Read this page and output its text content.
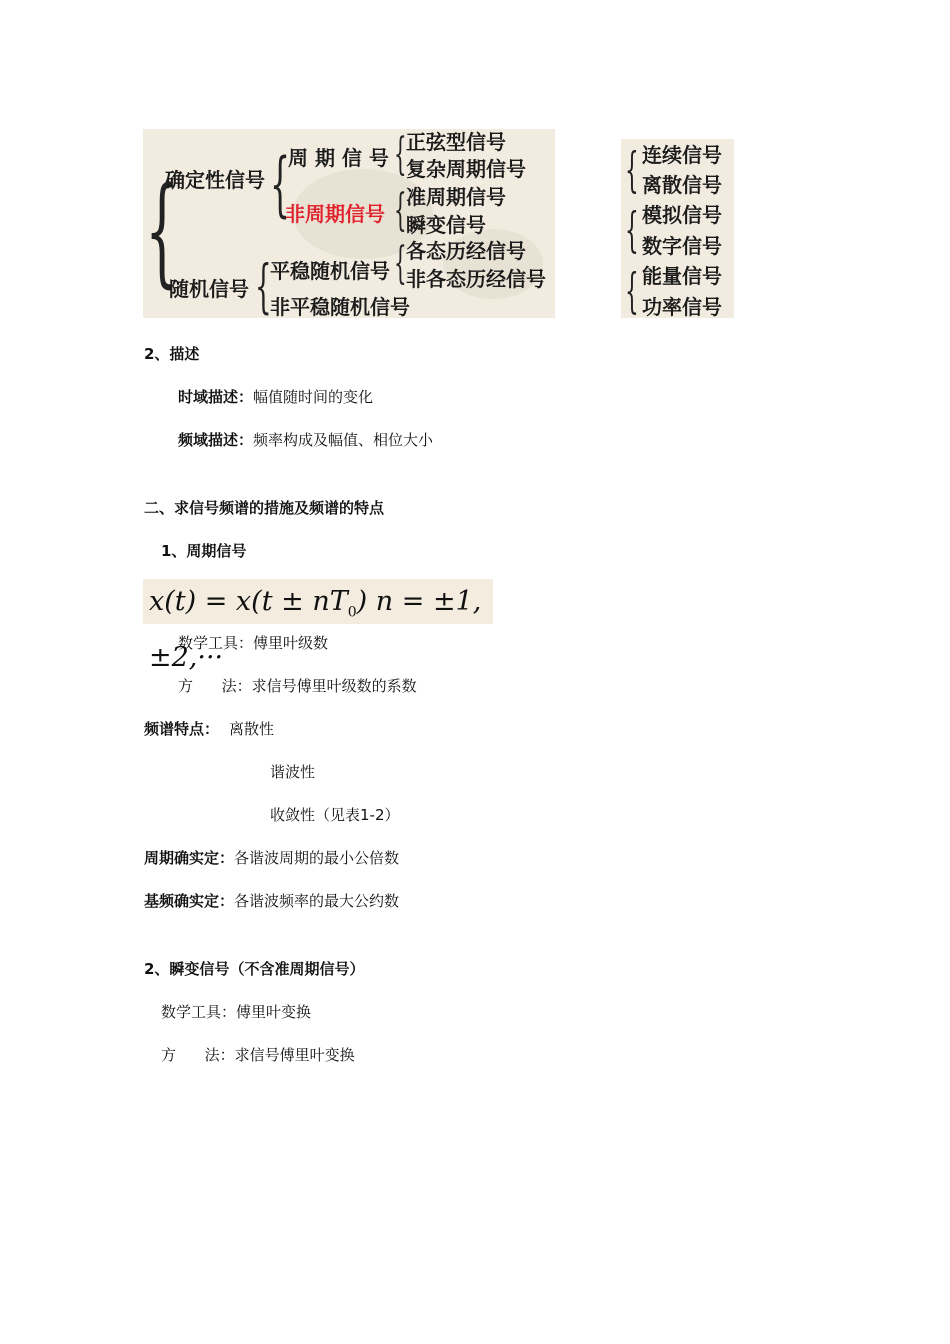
{
确定性信号 {
周 期 信 号 { 正弦型信号
复杂周期信号
非周期信号 { 准周期信号
瞬变信号
随机信号 {
平稳随机信号 { 各态历经信号
非各态历经信号
非平稳随机信号
{ 连续信号
离散信号
{ 模拟信号
数字信号
{ 能量信号
功率信号
2、描述
时域描述：幅值随时间的变化
频域描述：频率构成及幅值、相位大小
二、求信号频谱的措施及频谱的特点
1、周期信号
$x(t) = x(t \pm nT_0)$ n = ±1,±2,···
数学工具：傅里叶级数
方      法：求信号傅里叶级数的系数
频谱特点： 离散性
谐波性
收敛性（见表1-2）
周期确实定：各谐波周期的最小公倍数
基频确实定：各谐波频率的最大公约数
2、瞬变信号（不含准周期信号）
数学工具：傅里叶变换
方      法：求信号傅里叶变换
